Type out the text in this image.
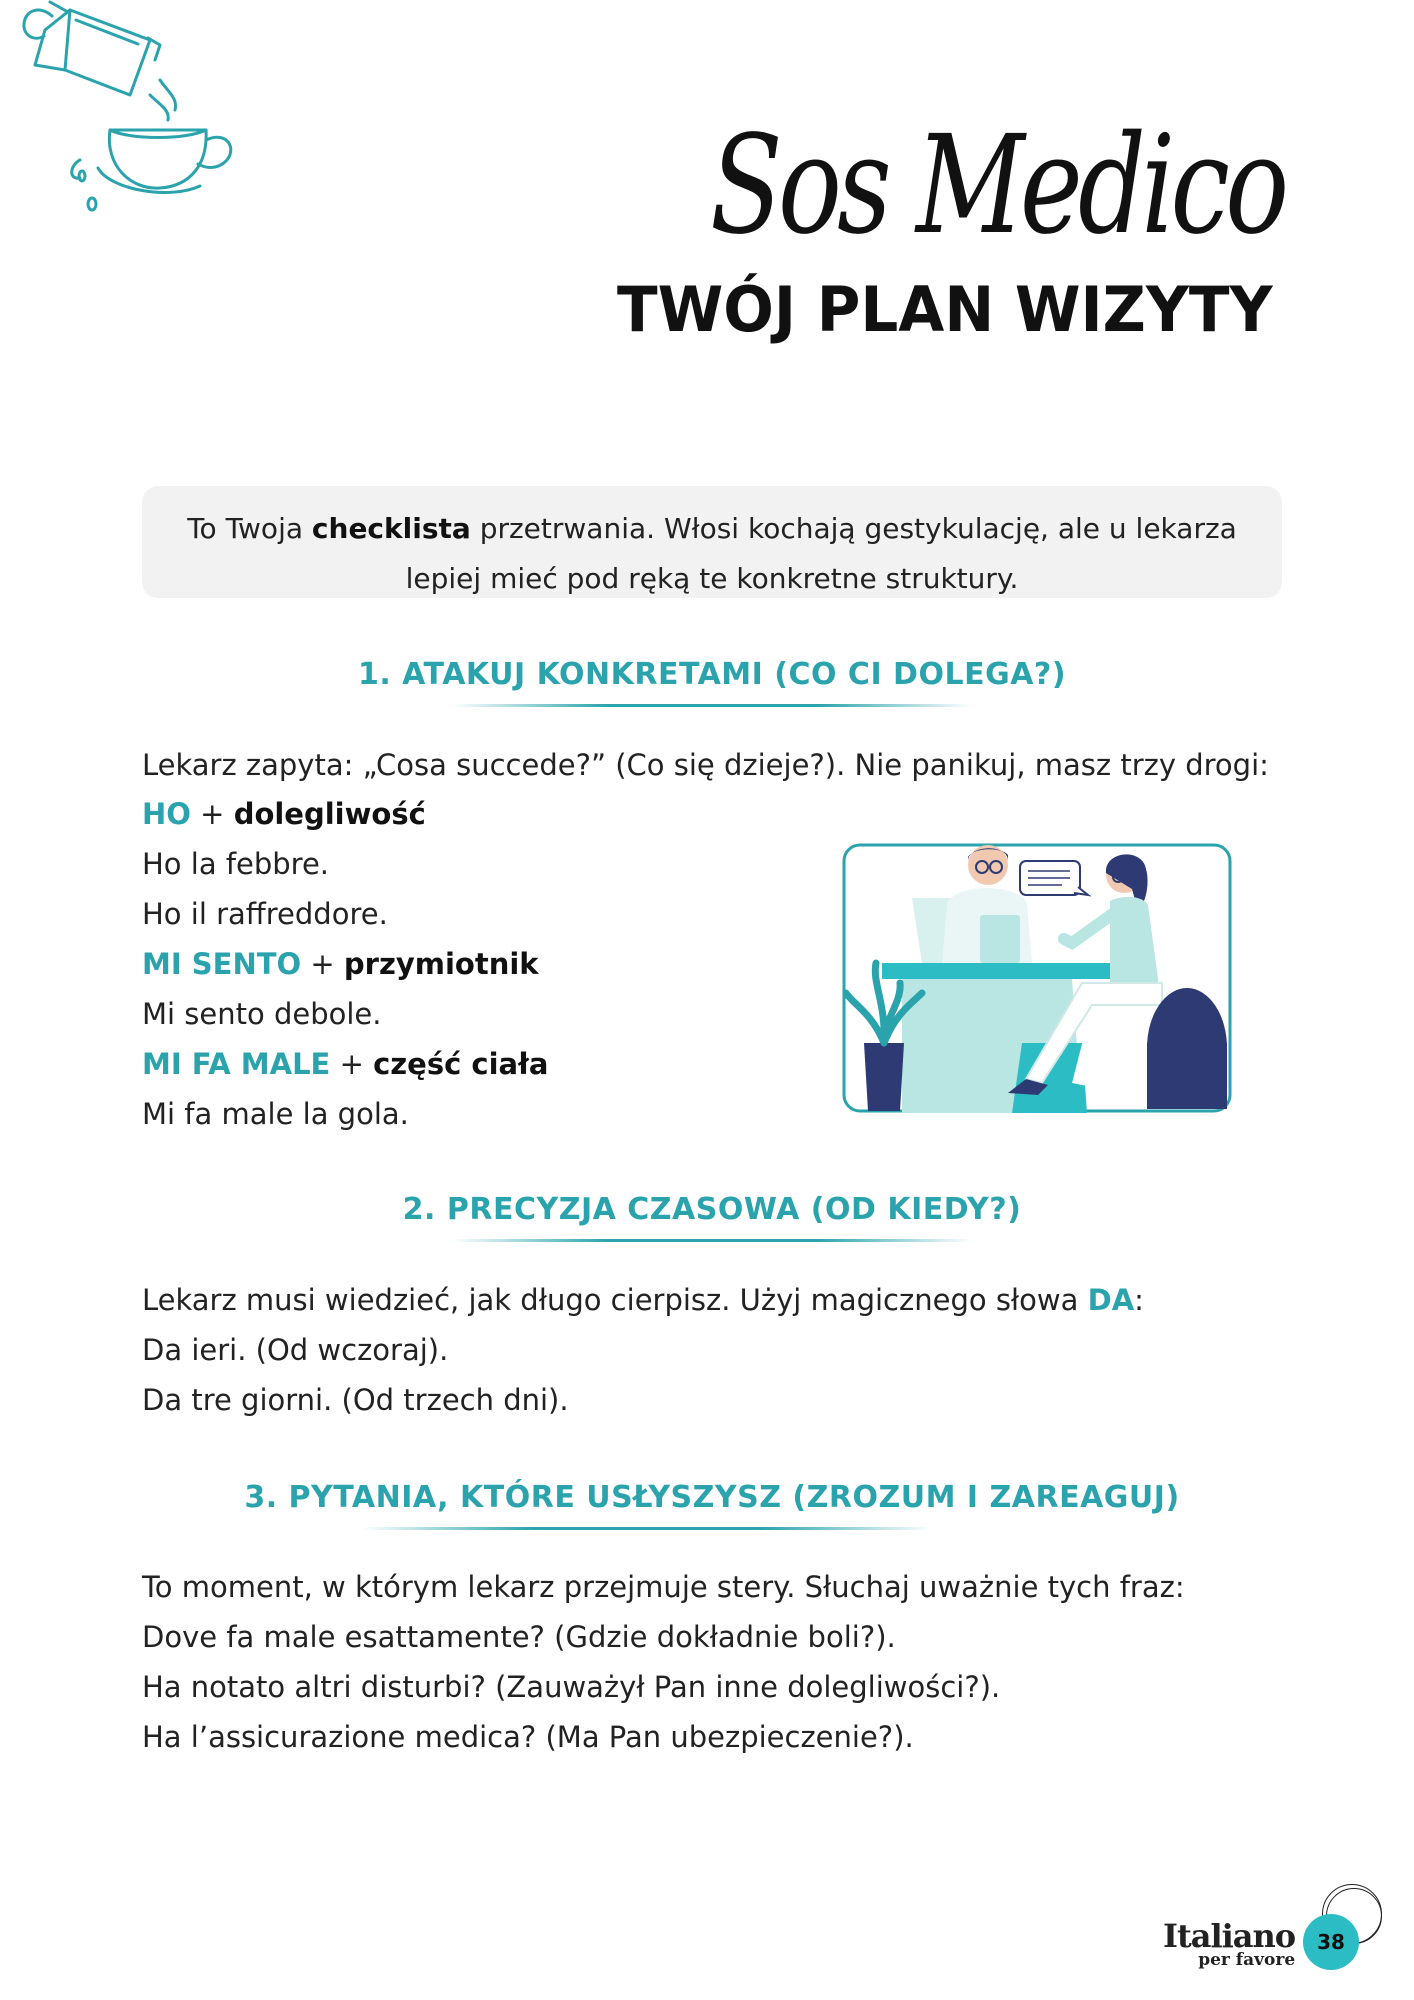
Sos Medico
TWÓJ PLAN WIZYTY
To Twoja checklista przetrwania. Włosi kochają gestykulację, ale u lekarza lepiej mieć pod ręką te konkretne struktury.
1. ATAKUJ KONKRETAMI (CO CI DOLEGA?)
Lekarz zapyta: „Cosa succede?” (Co się dzieje?). Nie panikuj, masz trzy drogi:
HO + dolegliwość
Ho la febbre.
Ho il raffreddore.
MI SENTO + przymiotnik
Mi sento debole.
MI FA MALE + część ciała
Mi fa male la gola.
2. PRECYZJA CZASOWA (OD KIEDY?)
Lekarz musi wiedzieć, jak długo cierpisz. Użyj magicznego słowa DA:
Da ieri. (Od wczoraj).
Da tre giorni. (Od trzech dni).
3. PYTANIA, KTÓRE USŁYSZYSZ (ZROZUM I ZAREAGUJ)
To moment, w którym lekarz przejmuje stery. Słuchaj uważnie tych fraz:
Dove fa male esattamente? (Gdzie dokładnie boli?).
Ha notato altri disturbi? (Zauważył Pan inne dolegliwości?).
Ha l’assicurazione medica? (Ma Pan ubezpieczenie?).
Italiano
per favore
38
